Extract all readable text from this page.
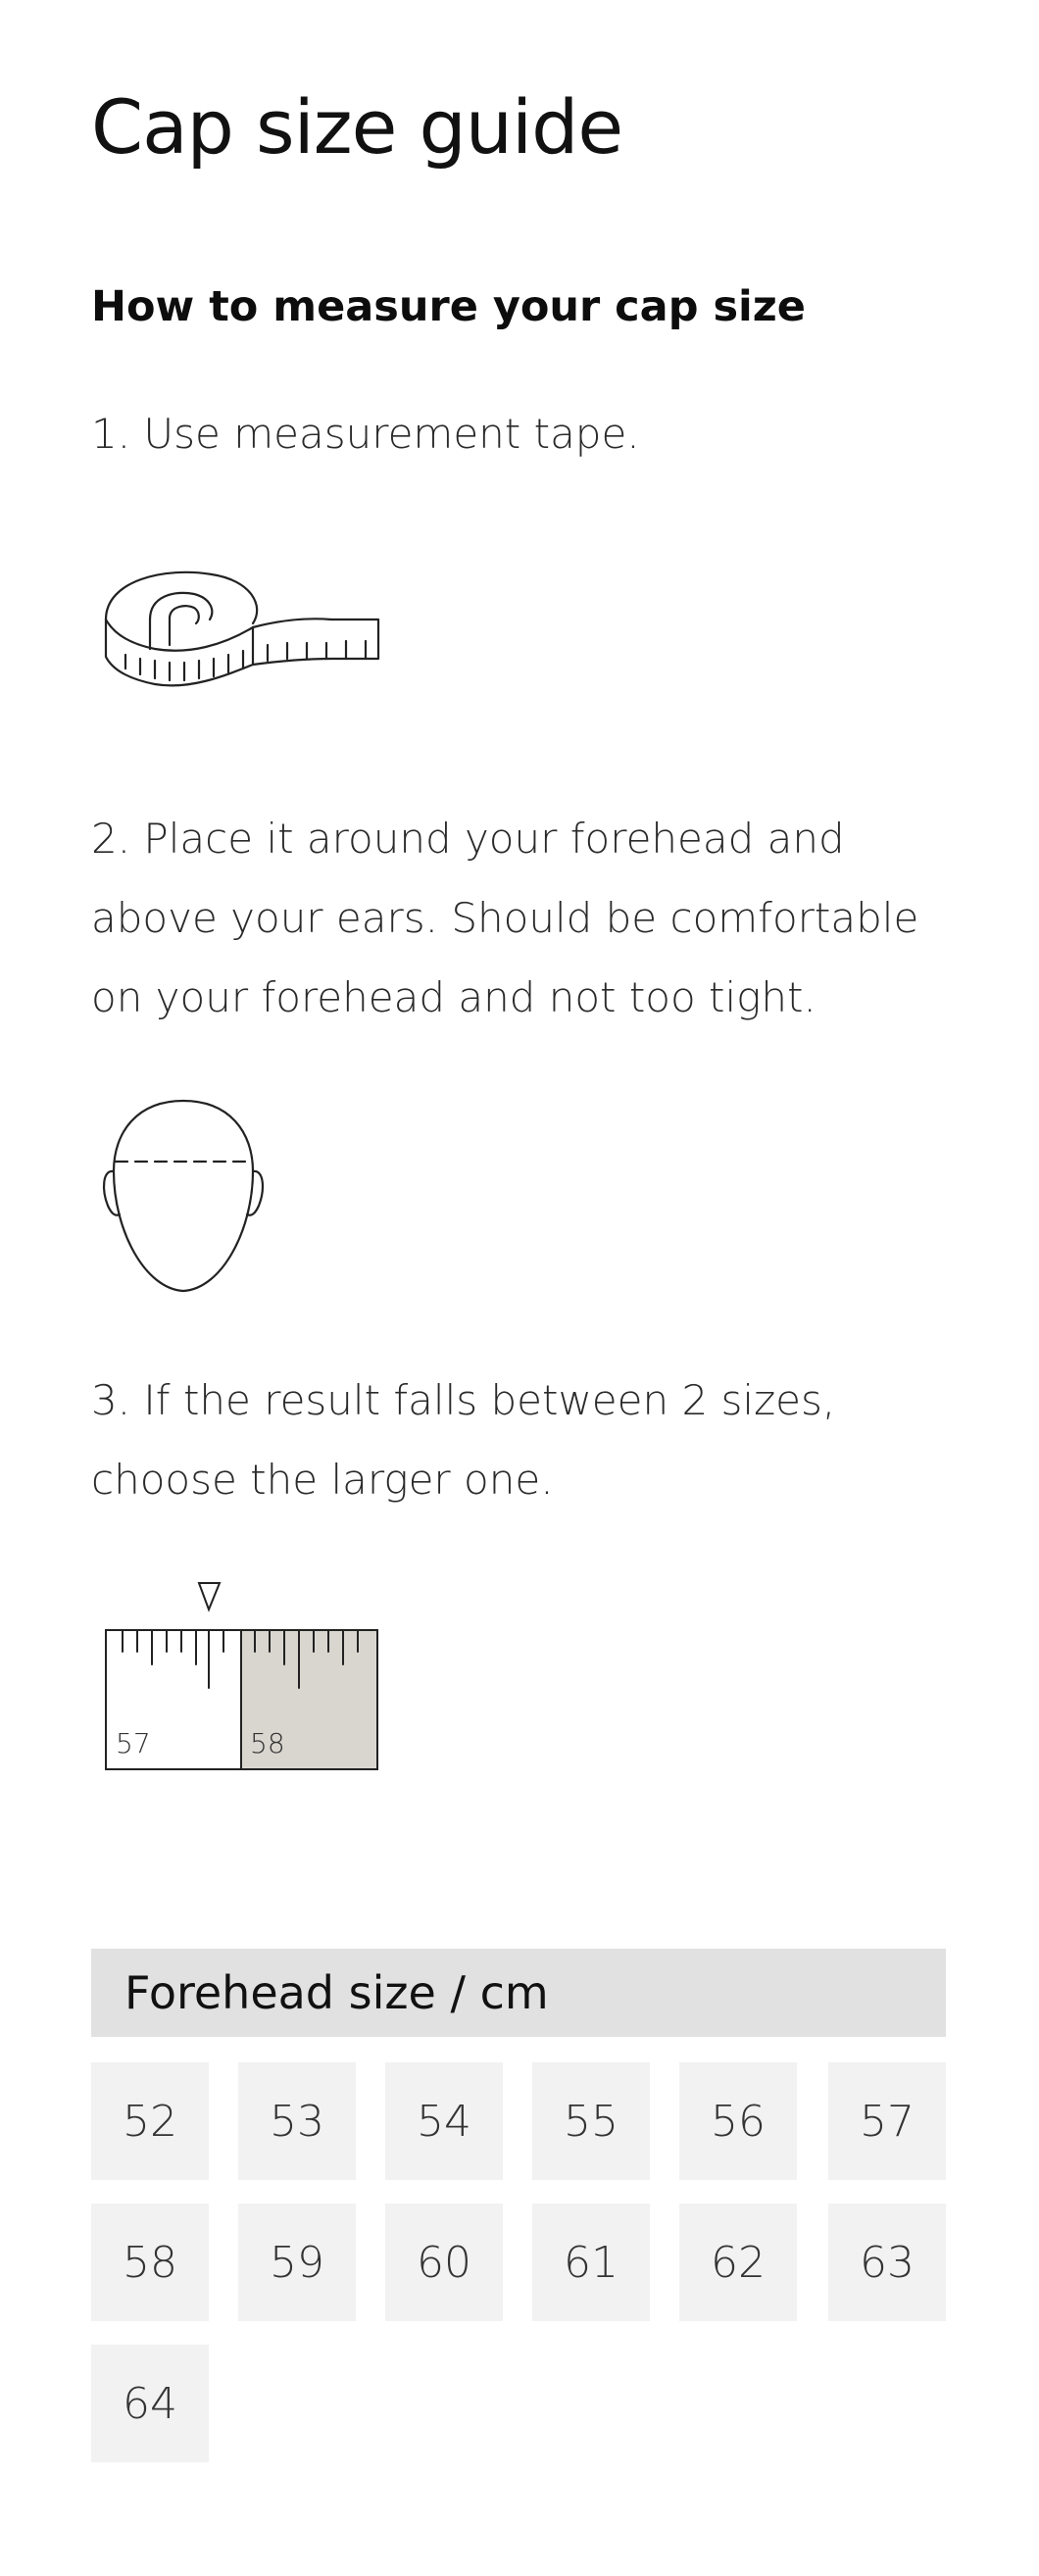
Cap size guide
How to measure your cap size

1. Use measurement tape.

2. Place it around your forehead and above your ears. Should be comfortable on your forehead and not too tight.

3. If the result falls between 2 sizes, choose the larger one.

57	58
Forehead size / cm
52	53	54	55	56	57
58	59	60	61	62	63
64
